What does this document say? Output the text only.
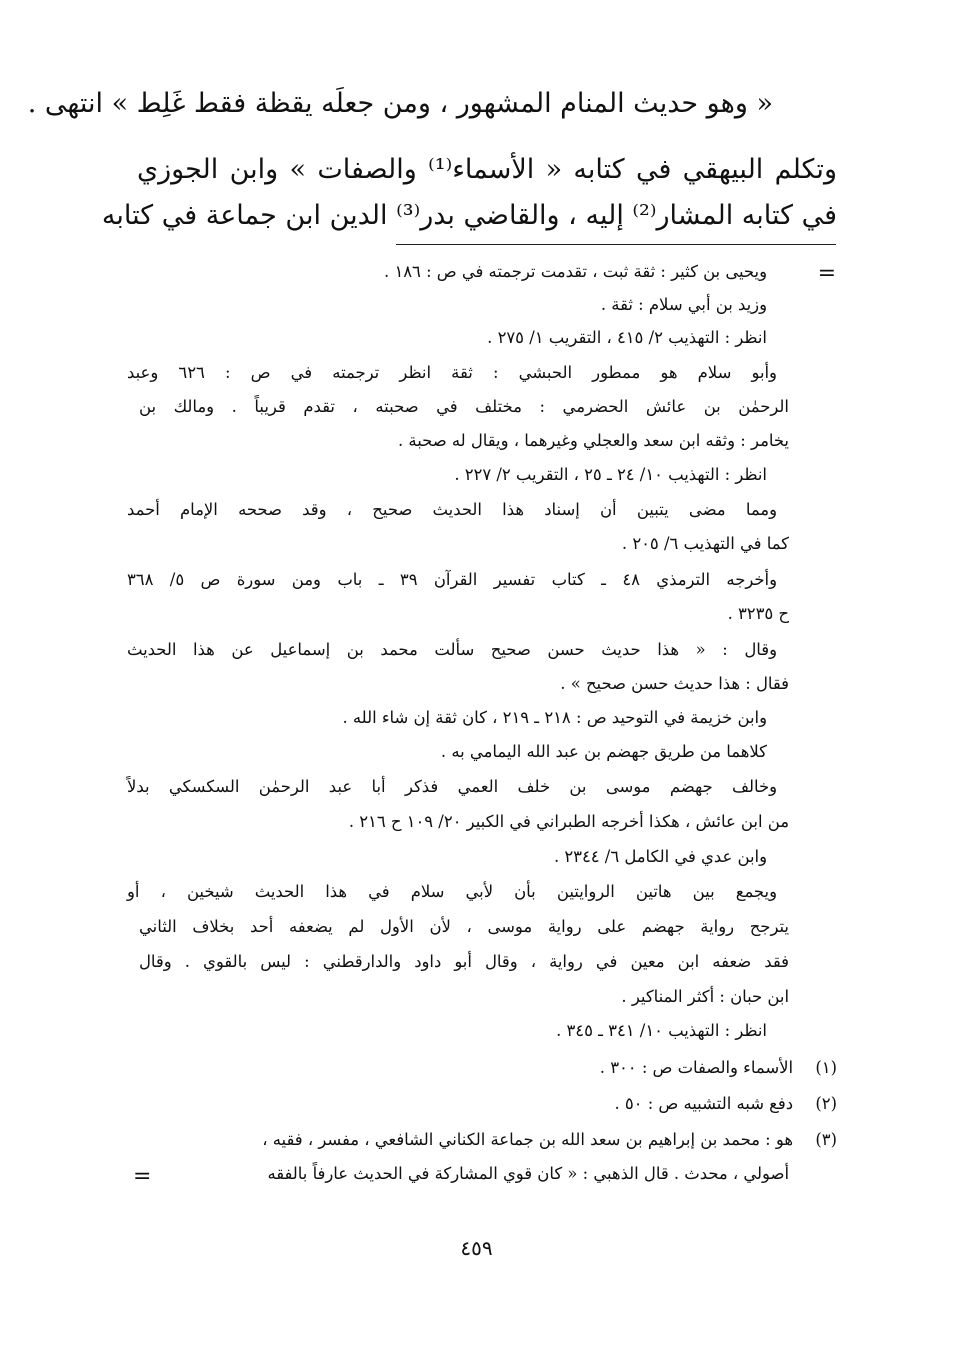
« وهو حديث المنام المشهور ، ومن جعلَه يقظة فقط غَلِط » انتهى .
وتكلم البيهقي في كتابه « الأسماء⁽¹⁾ والصفات » وابن الجوزي
في كتابه المشار⁽²⁾ إليه ، والقاضي بدر⁽³⁾ الدين ابن جماعة في كتابه
=
ويحيى بن كثير : ثقة ثبت ، تقدمت ترجمته في ص : ١٨٦ .
وزيد بن أبي سلام : ثقة .
انظر : التهذيب ٢/ ٤١٥ ، التقريب ١/ ٢٧٥ .
وأبو سلام هو ممطور الحبشي : ثقة انظر ترجمته في ص : ٦٢٦ وعبد
الرحمٰن بن عائش الحضرمي : مختلف في صحبته ، تقدم قريباً . ومالك بن
يخامر : وثقه ابن سعد والعجلي وغيرهما ، ويقال له صحبة .
انظر : التهذيب ١٠/ ٢٤ ـ ٢٥ ، التقريب ٢/ ٢٢٧ .
ومما مضى يتبين أن إسناد هذا الحديث صحيح ، وقد صححه الإمام أحمد
كما في التهذيب ٦/ ٢٠٥ .
وأخرجه الترمذي ٤٨ ـ كتاب تفسير القرآن ٣٩ ـ باب ومن سورة ص ٥/ ٣٦٨
ح ٣٢٣٥ .
وقال : « هذا حديث حسن صحيح سألت محمد بن إسماعيل عن هذا الحديث
فقال : هذا حديث حسن صحيح » .
وابن خزيمة في التوحيد ص : ٢١٨ ـ ٢١٩ ، كان ثقة إن شاء الله .
كلاهما من طريق جهضم بن عبد الله اليمامي به .
وخالف جهضم موسى بن خلف العمي فذكر أبا عبد الرحمٰن السكسكي بدلاً
من ابن عائش ، هكذا أخرجه الطبراني في الكبير ٢٠/ ١٠٩ ح ٢١٦ .
وابن عدي في الكامل ٦/ ٢٣٤٤ .
ويجمع بين هاتين الروايتين بأن لأبي سلام في هذا الحديث شيخين ، أو
يترجح رواية جهضم على رواية موسى ، لأن الأول لم يضعفه أحد بخلاف الثاني
فقد ضعفه ابن معين في رواية ، وقال أبو داود والدارقطني : ليس بالقوي . وقال
ابن حبان : أكثر المناكير .
انظر : التهذيب ١٠/ ٣٤١ ـ ٣٤٥ .
(١)الأسماء والصفات ص : ٣٠٠ .
(٢)دفع شبه التشبيه ص : ٥٠ .
(٣)هو : محمد بن إبراهيم بن سعد الله بن جماعة الكناني الشافعي ، مفسر ، فقيه ،
أصولي ، محدث . قال الذهبي : « كان قوي المشاركة في الحديث عارفاً بالفقه
=
٤٥٩
